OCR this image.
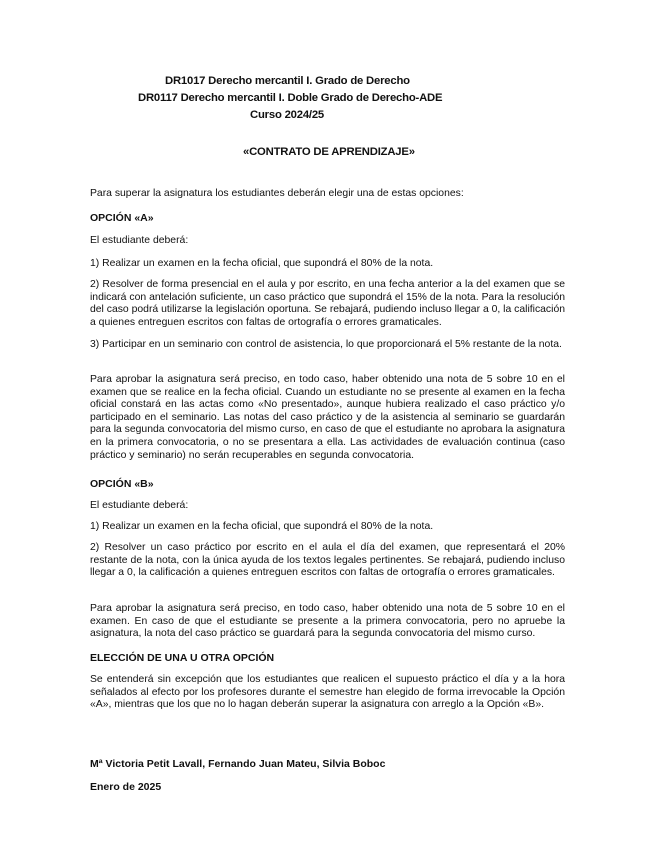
DR1017 Derecho mercantil I. Grado de Derecho
DR0117 Derecho mercantil I. Doble Grado de Derecho-ADE
Curso 2024/25
«CONTRATO DE APRENDIZAJE»
Para superar la asignatura los estudiantes deberán elegir una de estas opciones:
OPCIÓN «A»
El estudiante deberá:
1) Realizar un examen en la fecha oficial, que supondrá el 80% de la nota.
2) Resolver de forma presencial en el aula y por escrito, en una fecha anterior a la del examen que se indicará con antelación suficiente, un caso práctico que supondrá el 15% de la nota. Para la resolución del caso podrá utilizarse la legislación oportuna. Se rebajará, pudiendo incluso llegar a 0, la calificación a quienes entreguen escritos con faltas de ortografía o errores gramaticales.
3) Participar en un seminario con control de asistencia, lo que proporcionará el 5% restante de la nota.
Para aprobar la asignatura será preciso, en todo caso, haber obtenido una nota de 5 sobre 10 en el examen que se realice en la fecha oficial. Cuando un estudiante no se presente al examen en la fecha oficial constará en las actas como «No presentado», aunque hubiera realizado el caso práctico y/o participado en el seminario. Las notas del caso práctico y de la asistencia al seminario se guardarán para la segunda convocatoria del mismo curso, en caso de que el estudiante no aprobara la asignatura en la primera convocatoria, o no se presentara a ella. Las actividades de evaluación continua (caso práctico y seminario) no serán recuperables en segunda convocatoria.
OPCIÓN «B»
El estudiante deberá:
1) Realizar un examen en la fecha oficial, que supondrá el 80% de la nota.
2) Resolver un caso práctico por escrito en el aula el día del examen, que representará el 20% restante de la nota, con la única ayuda de los textos legales pertinentes. Se rebajará, pudiendo incluso llegar a 0, la calificación a quienes entreguen escritos con faltas de ortografía o errores gramaticales.
Para aprobar la asignatura será preciso, en todo caso, haber obtenido una nota de 5 sobre 10 en el examen. En caso de que el estudiante se presente a la primera convocatoria, pero no apruebe la asignatura, la nota del caso práctico se guardará para la segunda convocatoria del mismo curso.
ELECCIÓN DE UNA U OTRA OPCIÓN
Se entenderá sin excepción que los estudiantes que realicen el supuesto práctico el día y a la hora señalados al efecto por los profesores durante el semestre han elegido de forma irrevocable la Opción «A», mientras que los que no lo hagan deberán superar la asignatura con arreglo a la Opción «B».
Mª Victoria Petit Lavall, Fernando Juan Mateu, Silvia Boboc
Enero de 2025
